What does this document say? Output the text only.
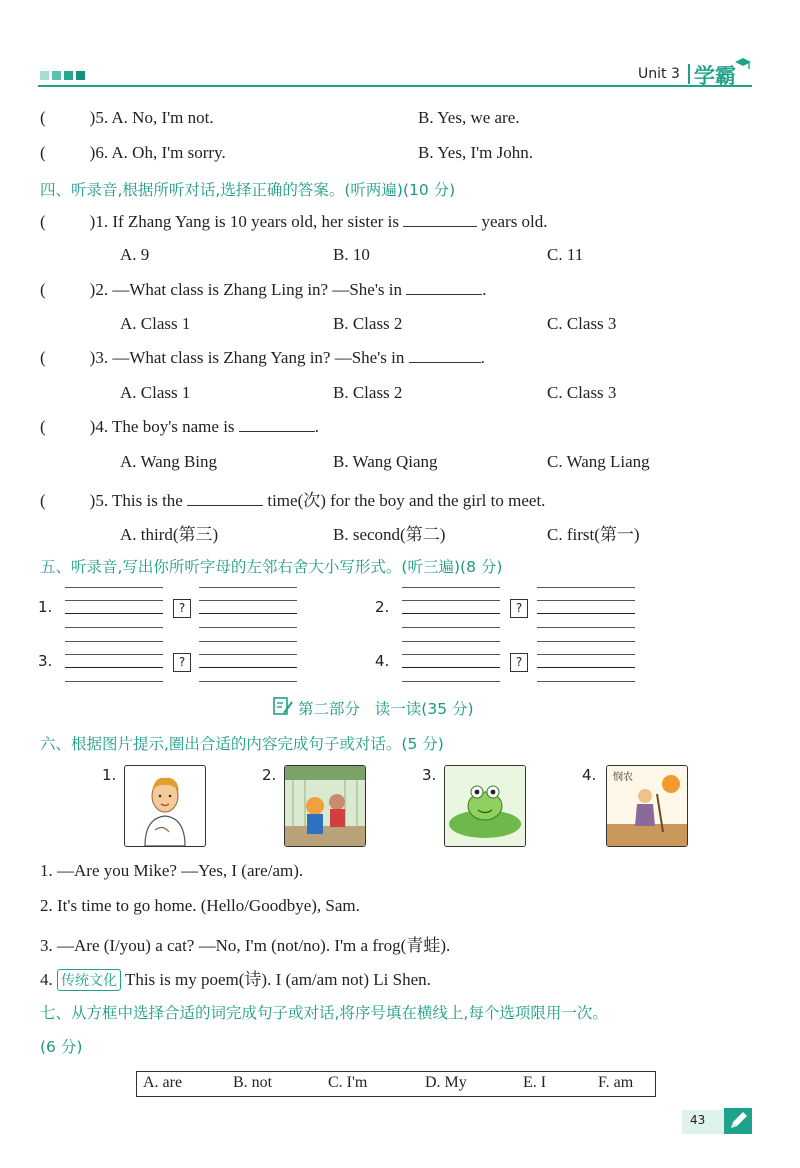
Unit 3 学霸
(	)5. A. No, I'm not.	B. Yes, we are.
(	)6. A. Oh, I'm sorry.	B. Yes, I'm John.
四、听录音,根据所听对话,选择正确的答案。(听两遍)(10 分)
(	)1. If Zhang Yang is 10 years old, her sister is	years old.
A. 9	B. 10	C. 11
(	)2. —What class is Zhang Ling in? —She's in	.
A. Class 1	B. Class 2	C. Class 3
(	)3. —What class is Zhang Yang in? —She's in	.
A. Class 1	B. Class 2	C. Class 3
(	)4. The boy's name is	.
A. Wang Bing	B. Wang Qiang	C. Wang Liang
(	)5. This is the	time(次) for the boy and the girl to meet.
A. third(第三)	B. second(第二)	C. first(第一)
五、听录音,写出你所听字母的左邻右舍大小写形式。(听三遍)(8 分)
1.	?	2.	?
3.	?	4.	?
第二部分   读一读(35 分)
六、根据图片提示,圈出合适的内容完成句子或对话。(5 分)
1.	2.	3.	4. 悯农
1. —Are you Mike? —Yes, I (are/am).
2. It's time to go home. (Hello/Goodbye), Sam.
3. —Are (I/you) a cat? —No, I'm (not/no). I'm a frog(青蛙).
4. 传统文化 This is my poem(诗). I (am/am not) Li Shen.
七、从方框中选择合适的词完成句子或对话,将序号填在横线上,每个选项限用一次。
(6 分)
A. are	B. not	C. I'm	D. My	E. I	F. am
43
